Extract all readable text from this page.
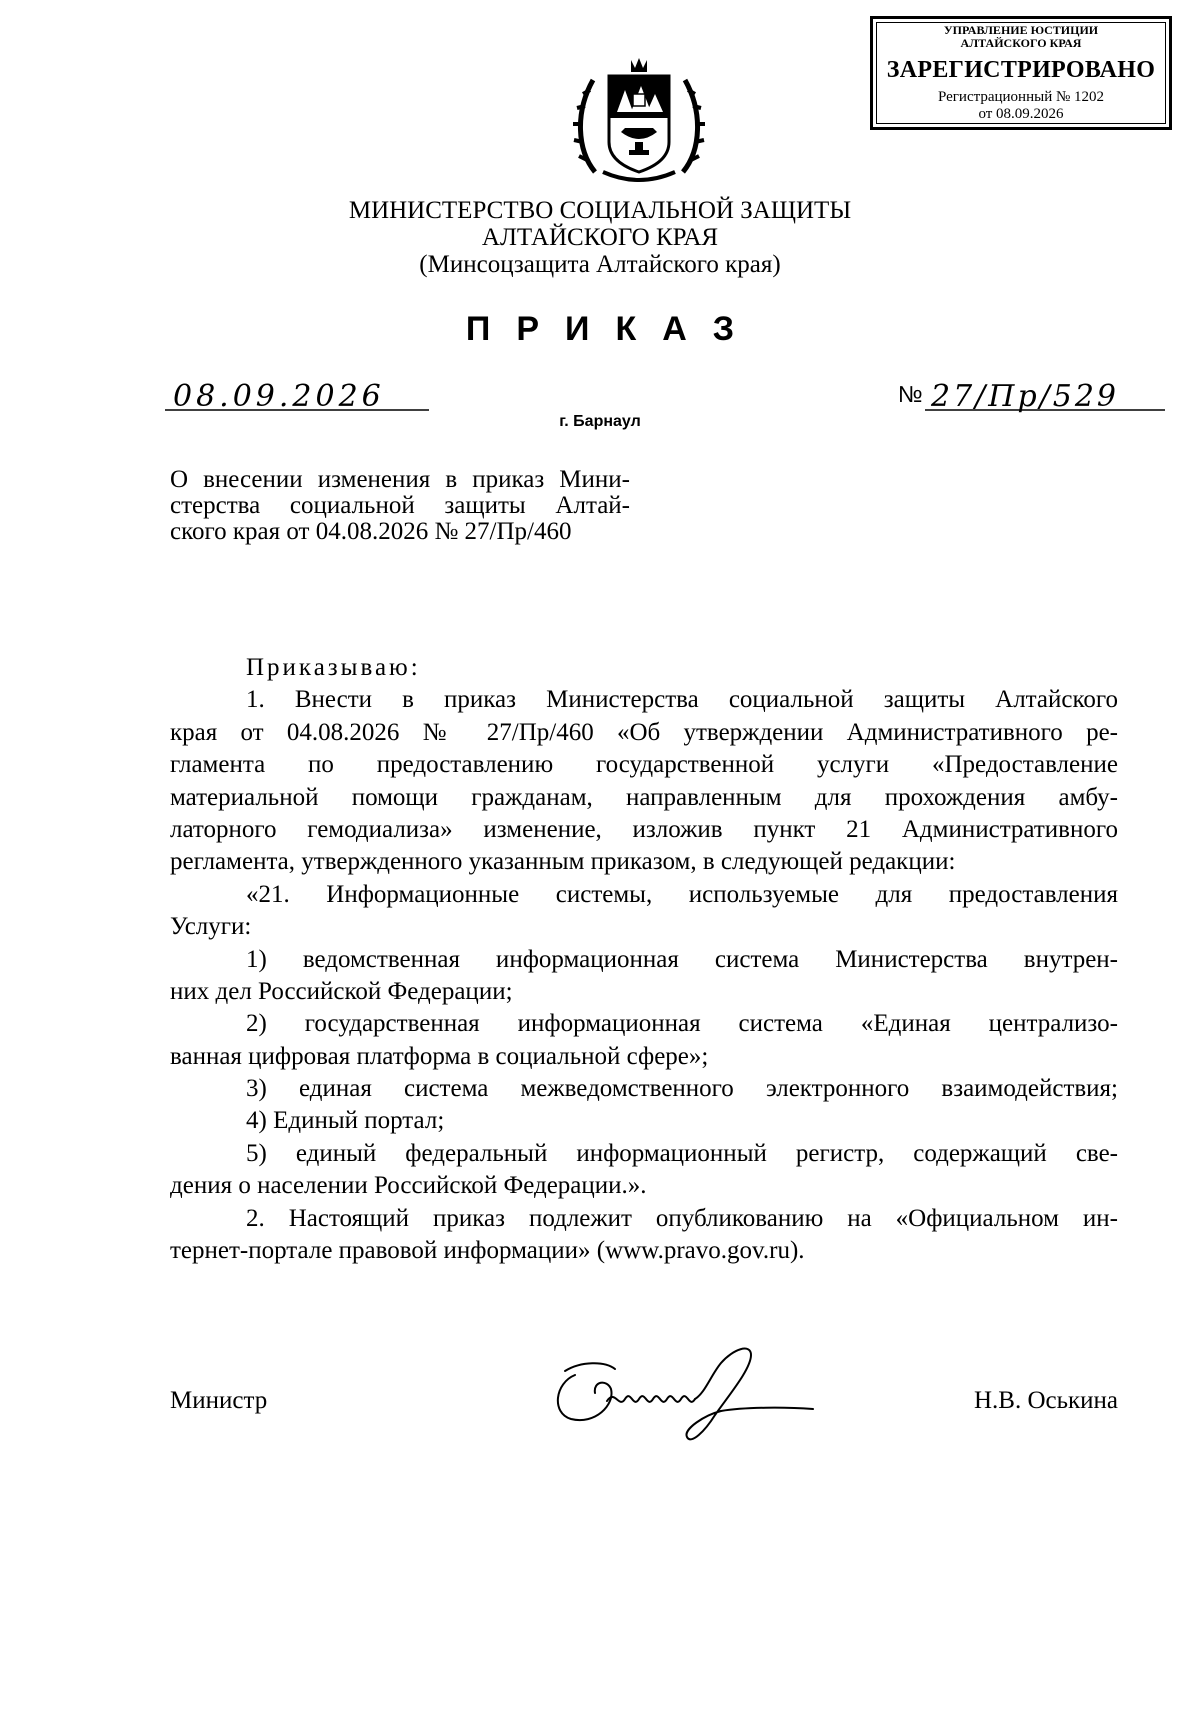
УПРАВЛЕНИЕ ЮСТИЦИИ
АЛТАЙСКОГО КРАЯ
ЗАРЕГИСТРИРОВАНО
Регистрационный № 1202
от 08.09.2026
МИНИСТЕРСТВО СОЦИАЛЬНОЙ ЗАЩИТЫ
АЛТАЙСКОГО КРАЯ
(Минсоцзащита Алтайского края)
ПРИКАЗ
08.09.2026	№ 27/Пр/529
г. Барнаул
О внесении изменения в приказ Мини-
стерства социальной защиты Алтай-
ского края от 04.08.2026 № 27/Пр/460
Приказываю:
1. Внести в приказ Министерства социальной защиты Алтайского
края от 04.08.2026 № 27/Пр/460 «Об утверждении Административного ре-
гламента по предоставлению государственной услуги «Предоставление
материальной помощи гражданам, направленным для прохождения амбу-
латорного гемодиализа» изменение, изложив пункт 21 Административного
регламента, утвержденного указанным приказом, в следующей редакции:
«21. Информационные системы, используемые для предоставления
Услуги:
1) ведомственная информационная система Министерства внутрен-
них дел Российской Федерации;
2) государственная информационная система «Единая централизо-
ванная цифровая платформа в социальной сфере»;
3) единая система межведомственного электронного взаимодействия;
4) Единый портал;
5) единый федеральный информационный регистр, содержащий све-
дения о населении Российской Федерации.».
2. Настоящий приказ подлежит опубликованию на «Официальном ин-
тернет-портале правовой информации» (www.pravo.gov.ru).
Министр	Н.В. Оськина
